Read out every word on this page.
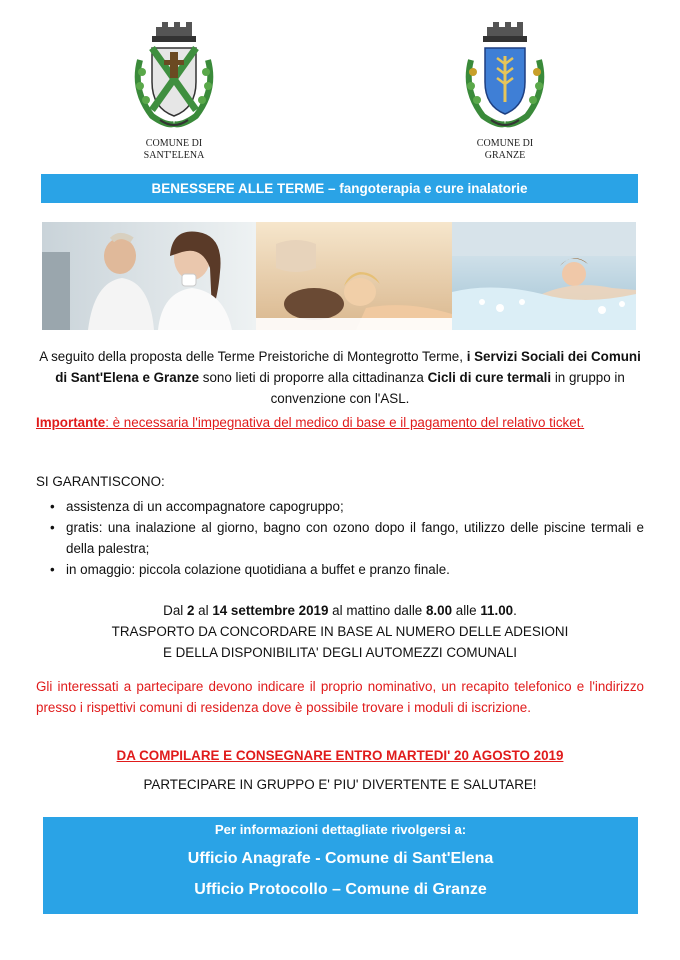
COMUNE DI
SANT'ELENA
COMUNE DI
GRANZE
BENESSERE ALLE TERME – fangoterapia e cure inalatorie
A seguito della proposta delle Terme Preistoriche di Montegrotto Terme, i Servizi Sociali dei Comuni di Sant'Elena e Granze sono lieti di proporre alla cittadinanza Cicli di cure termali in gruppo in convenzione con l'ASL.
Importante: è necessaria l'impegnativa del medico di base e il pagamento del relativo ticket.
SI GARANTISCONO:
• assistenza di un accompagnatore capogruppo;
• gratis: una inalazione al giorno, bagno con ozono dopo il fango, utilizzo delle piscine termali e della palestra;
• in omaggio: piccola colazione quotidiana a buffet e pranzo finale.
Dal 2 al 14 settembre 2019 al mattino dalle 8.00 alle 11.00.
TRASPORTO DA CONCORDARE IN BASE AL NUMERO DELLE ADESIONI
E DELLA DISPONIBILITA' DEGLI AUTOMEZZI COMUNALI
Gli interessati a partecipare devono indicare il proprio nominativo, un recapito telefonico e l'indirizzo presso i rispettivi comuni di residenza dove è possibile trovare i moduli di iscrizione.
DA COMPILARE E CONSEGNARE ENTRO MARTEDI' 20 AGOSTO 2019
PARTECIPARE IN GRUPPO E' PIU' DIVERTENTE E SALUTARE!
Per informazioni dettagliate rivolgersi a:
Ufficio Anagrafe - Comune di Sant'Elena
Ufficio Protocollo – Comune di Granze
